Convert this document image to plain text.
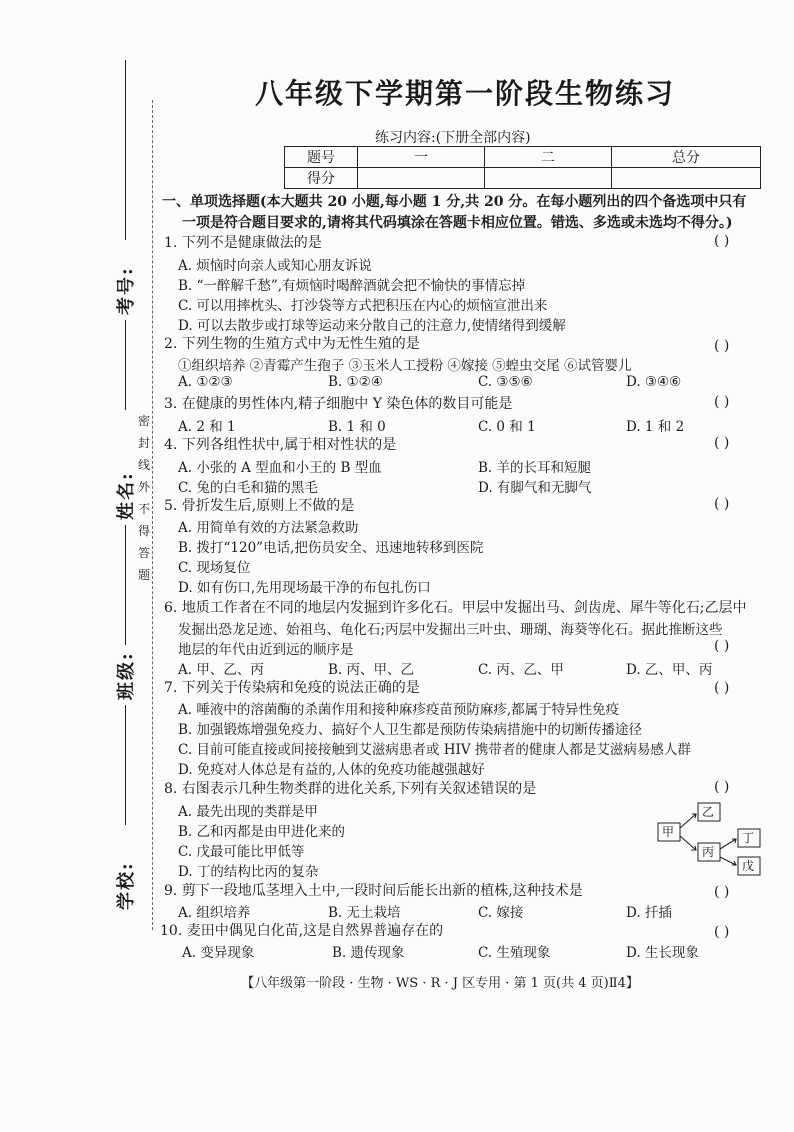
考号:
姓名:
班级:
学校:
密
封
线
外
不
得
答
题
八年级下学期第一阶段生物练习
练习内容:(下册全部内容)
题号	一	二	总分
得分			
一、单项选择题(本大题共 20 小题,每小题 1 分,共 20 分。在每小题列出的四个备选项中只有
一项是符合题目要求的,请将其代码填涂在答题卡相应位置。错选、多选或未选均不得分。)
1. 下列不是健康做法的是	( )
A. 烦恼时向亲人或知心朋友诉说
B. “一醉解千愁”,有烦恼时喝醉酒就会把不愉快的事情忘掉
C. 可以用摔枕头、打沙袋等方式把积压在内心的烦恼宣泄出来
D. 可以去散步或打球等运动来分散自己的注意力,使情绪得到缓解
2. 下列生物的生殖方式中为无性生殖的是	( )
①组织培养 ②青霉产生孢子 ③玉米人工授粉 ④嫁接 ⑤蝗虫交尾 ⑥试管婴儿
A. ①②③	B. ①②④	C. ③⑤⑥	D. ③④⑥
3. 在健康的男性体内,精子细胞中 Y 染色体的数目可能是	( )
A. 2 和 1	B. 1 和 0	C. 0 和 1	D. 1 和 2
4. 下列各组性状中,属于相对性状的是	( )
A. 小张的 A 型血和小王的 B 型血	B. 羊的长耳和短腿
C. 兔的白毛和猫的黑毛	D. 有脚气和无脚气
5. 骨折发生后,原则上不做的是	( )
A. 用简单有效的方法紧急救助
B. 拨打“120”电话,把伤员安全、迅速地转移到医院
C. 现场复位
D. 如有伤口,先用现场最干净的布包扎伤口
6. 地质工作者在不同的地层内发掘到许多化石。甲层中发掘出马、剑齿虎、犀牛等化石;乙层中
发掘出恐龙足迹、始祖鸟、龟化石;丙层中发掘出三叶虫、珊瑚、海葵等化石。据此推断这些
地层的年代由近到远的顺序是	( )
A. 甲、乙、丙	B. 丙、甲、乙	C. 丙、乙、甲	D. 乙、甲、丙
7. 下列关于传染病和免疫的说法正确的是	( )
A. 唾液中的溶菌酶的杀菌作用和接种麻疹疫苗预防麻疹,都属于特异性免疫
B. 加强锻炼增强免疫力、搞好个人卫生都是预防传染病措施中的切断传播途径
C. 目前可能直接或间接接触到艾滋病患者或 HIV 携带者的健康人都是艾滋病易感人群
D. 免疫对人体总是有益的,人体的免疫功能越强越好
8. 右图表示几种生物类群的进化关系,下列有关叙述错误的是	( )
A. 最先出现的类群是甲
B. 乙和丙都是由甲进化来的
C. 戊最可能比甲低等
D. 丁的结构比丙的复杂
甲
乙
丙
丁
戊
9. 剪下一段地瓜茎埋入土中,一段时间后能长出新的植株,这种技术是	( )
A. 组织培养	B. 无土栽培	C. 嫁接	D. 扦插
10. 麦田中偶见白化苗,这是自然界普遍存在的	( )
A. 变异现象	B. 遗传现象	C. 生殖现象	D. 生长现象
【八年级第一阶段 · 生物 · WS · R · J 区专用 · 第 1 页(共 4 页)Ⅱ4】
